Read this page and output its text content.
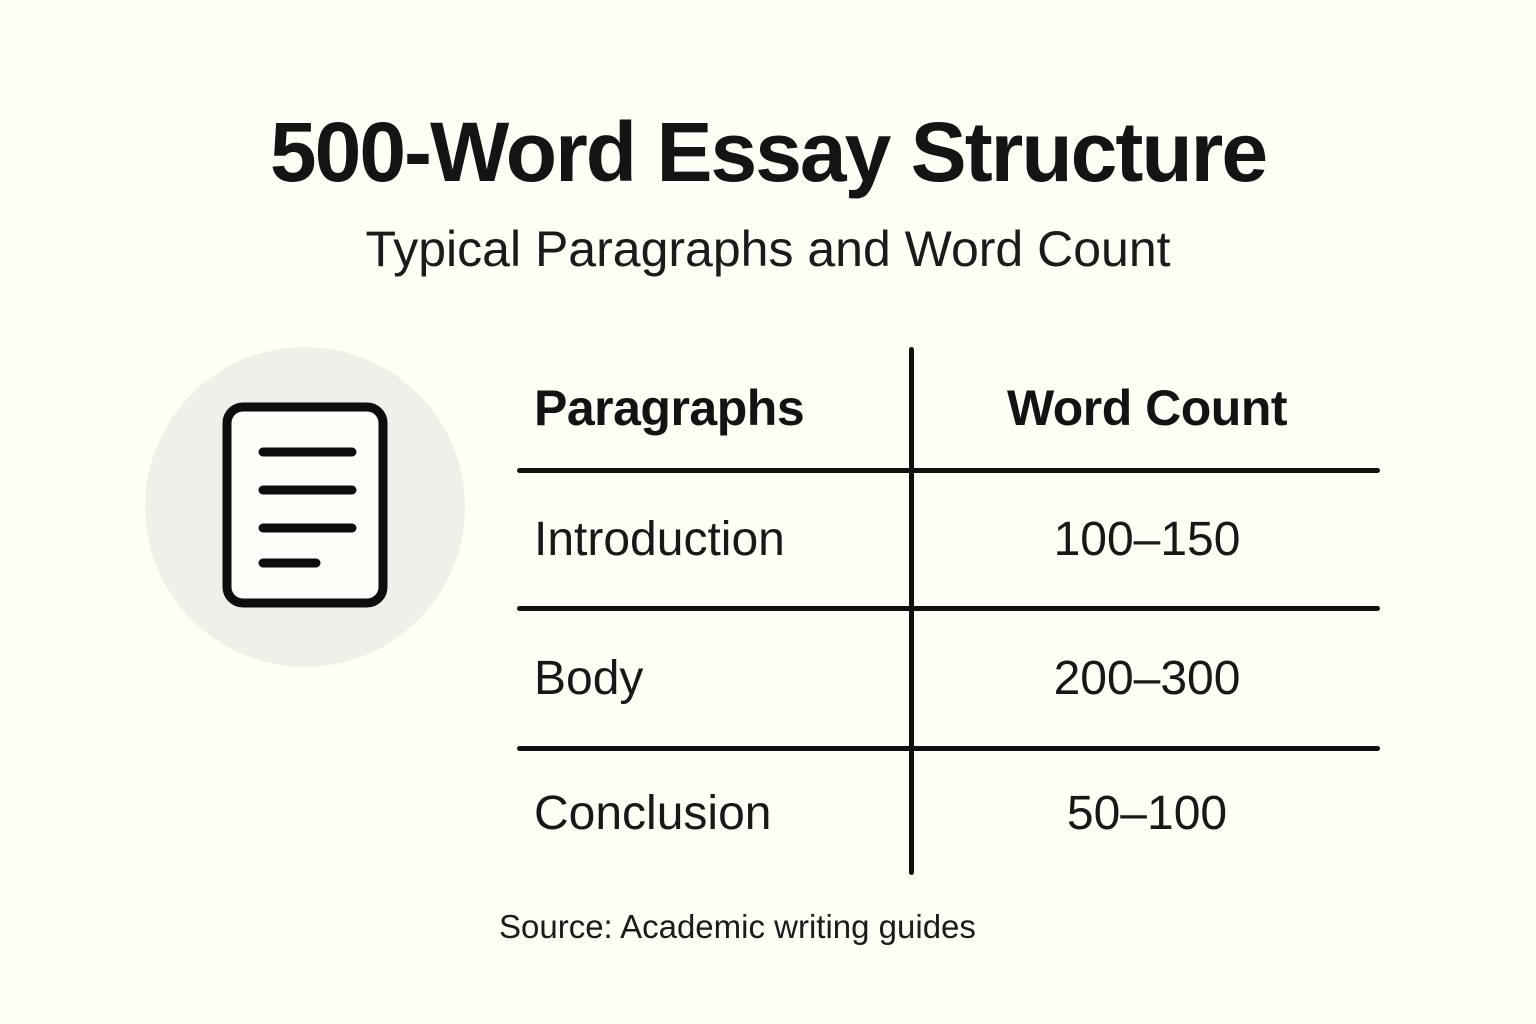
500-Word Essay Structure
Typical Paragraphs and Word Count
Paragraphs	Word Count
Introduction	100–150
Body	200–300
Conclusion	50–100
Source: Academic writing guides
